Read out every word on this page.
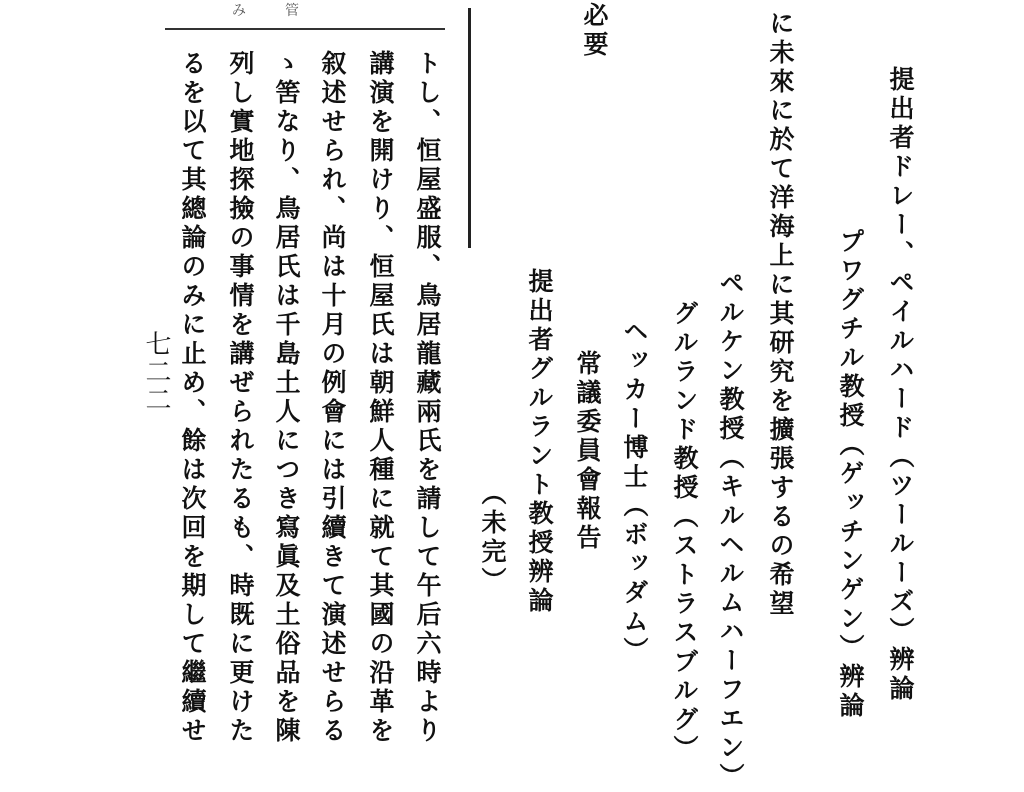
提出者ドレー、ペイルハード（ツールーズ）辨論
プワグチル教授（ゲッチンゲン）辨論
に未來に於て洋海上に其研究を擴張するの希望
ペルケン教授（キルヘルムハーフエン）
グルランド教授（ストラスブルグ）
ヘッカー博士（ボッダム）
常議委員會報告
提出者グルラント教授辨論
（未完）
必要
み	管
トし、恒屋盛服、鳥居龍藏兩氏を請して午后六時より
講演を開けり、恒屋氏は朝鮮人種に就て其國の沿革を
叙述せられ、尚は十月の例會には引續きて演述せらる
ゝ筈なり、鳥居氏は千島土人につき寫眞及土俗品を陳
列し實地探撿の事情を講ぜられたるも、時既に更けた
るを以て其總論のみに止め、餘は次回を期して繼續せ
七二二
